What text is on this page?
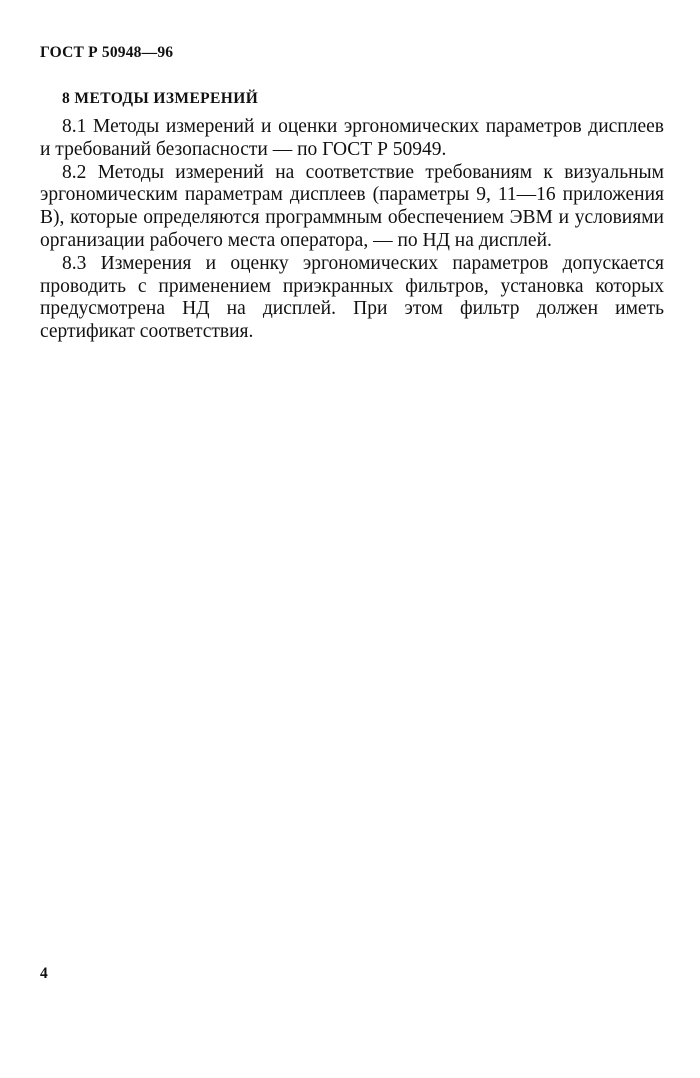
ГОСТ Р 50948—96
8 МЕТОДЫ ИЗМЕРЕНИЙ

8.1 Методы измерений и оценки эргономических параметров дисплеев и требований безопасности — по ГОСТ Р 50949.

8.2 Методы измерений на соответствие требованиям к визуальным эргономическим параметрам дисплеев (параметры 9, 11—16 приложения В), которые определяются программным обеспечением ЭВМ и условиями организации рабочего места оператора, — по НД на дисплей.

8.3 Измерения и оценку эргономических параметров допускается проводить с применением приэкранных фильтров, установка которых предусмотрена НД на дисплей. При этом фильтр должен иметь сертификат соответствия.

4
